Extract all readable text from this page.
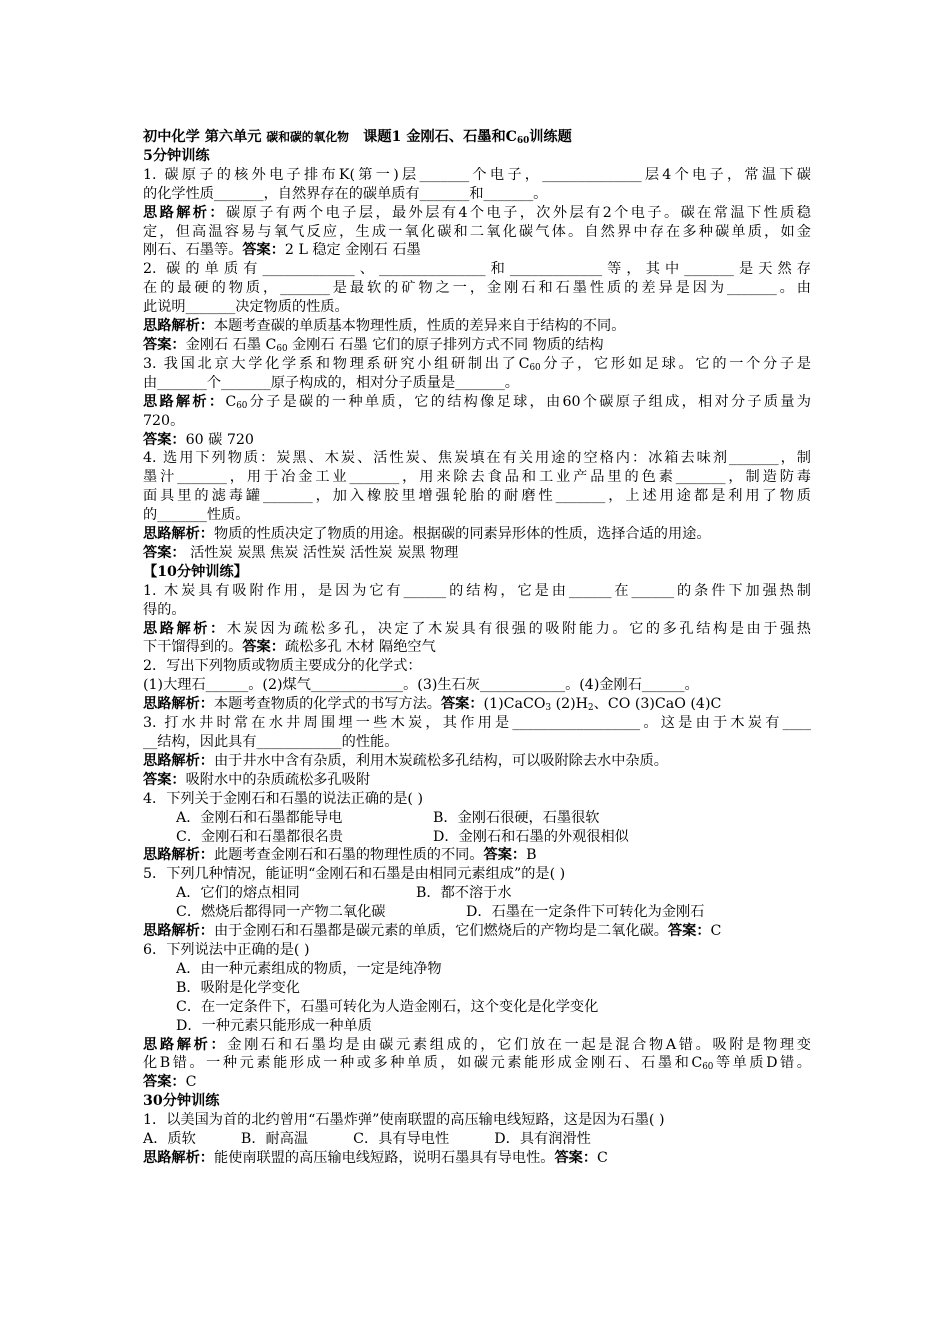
初中化学 第六单元 碳和碳的氧化物　课题1 金刚石、石墨和$C_{60}$训练题
5分钟训练
1. 碳原子的核外电子排布K(第一)层_______个电子，______________层4个电子，常温下碳
的化学性质_______，自然界存在的碳单质有_______和_______。
思路解析：碳原子有两个电子层，最外层有4个电子，次外层有2个电子。碳在常温下性质稳
定，但高温容易与氧气反应，生成一氧化碳和二氧化碳气体。自然界中存在多种碳单质，如金
刚石、石墨等。答案：2 L 稳定 金刚石 石墨
2. 碳的单质有_____________、_______________和_____________等，其中_______是天然存
在的最硬的物质，_______是最软的矿物之一，金刚石和石墨性质的差异是因为_______。由
此说明_______决定物质的性质。
思路解析：本题考查碳的单质基本物理性质，性质的差异来自于结构的不同。
答案：金刚石 石墨 $C_{60}$ 金刚石 石墨 它们的原子排列方式不同 物质的结构
3. 我国北京大学化学系和物理系研究小组研制出了$C_{60}$分子，它形如足球。它的一个分子是
由_______个_______原子构成的，相对分子质量是_______。
思路解析：$C_{60}$分子是碳的一种单质，它的结构像足球，由60个碳原子组成，相对分子质量为
720。
答案：60 碳 720
4. 选用下列物质：炭黑、木炭、活性炭、焦炭填在有关用途的空格内：冰箱去味剂_______，制
墨汁_______，用于冶金工业_______，用来除去食品和工业产品里的色素_______，制造防毒
面具里的滤毒罐_______，加入橡胶里增强轮胎的耐磨性_______，上述用途都是利用了物质
的_______性质。
思路解析：物质的性质决定了物质的用途。根据碳的同素异形体的性质，选择合适的用途。
答案： 活性炭 炭黑 焦炭 活性炭 活性炭 炭黑 物理
【10分钟训练】
1. 木炭具有吸附作用，是因为它有______的结构，它是由______在______的条件下加强热制
得的。
思路解析：木炭因为疏松多孔，决定了木炭具有很强的吸附能力。它的多孔结构是由于强热
下干馏得到的。答案：疏松多孔 木材 隔绝空气
2．写出下列物质或物质主要成分的化学式：
(1)大理石______。(2)煤气_____________。(3)生石灰____________。(4)金刚石______。
思路解析：本题考查物质的化学式的书写方法。答案：(1)CaCO$_3$ $(2)H_2$、CO (3)CaO (4)C
3. 打水井时常在水井周围埋一些木炭，其作用是__________________。这是由于木炭有____
__结构，因此具有____________的性能。
思路解析：由于井水中含有杂质，利用木炭疏松多孔结构，可以吸附除去水中杂质。
答案：吸附水中的杂质疏松多孔吸附
4．下列关于金刚石和石墨的说法正确的是( )
A．金刚石和石墨都能导电	B．金刚石很硬，石墨很软
C．金刚石和石墨都很名贵	D．金刚石和石墨的外观很相似
思路解析：此题考查金刚石和石墨的物理性质的不同。答案：B
5．下列几种情况，能证明“金刚石和石墨是由相同元素组成”的是( )
A．它们的熔点相同	B．都不溶于水
C．燃烧后都得同一产物二氧化碳	D．石墨在一定条件下可转化为金刚石
思路解析：由于金刚石和石墨都是碳元素的单质，它们燃烧后的产物均是二氧化碳。答案：C
6．下列说法中正确的是( )
A．由一种元素组成的物质，一定是纯净物
B．吸附是化学变化
C．在一定条件下，石墨可转化为人造金刚石，这个变化是化学变化
D．一种元素只能形成一种单质
思路解析：金刚石和石墨均是由碳元素组成的，它们放在一起是混合物A错。吸附是物理变
化B错。一种元素能形成一种或多种单质，如碳元素能形成金刚石、石墨和$C_{60}$等单质D错。
答案：C
30分钟训练
1．以美国为首的北约曾用“石墨炸弹”使南联盟的高压输电线短路，这是因为石墨( )
A．质软          B．耐高温          C．具有导电性          D．具有润滑性
思路解析：能使南联盟的高压输电线短路，说明石墨具有导电性。答案：C
